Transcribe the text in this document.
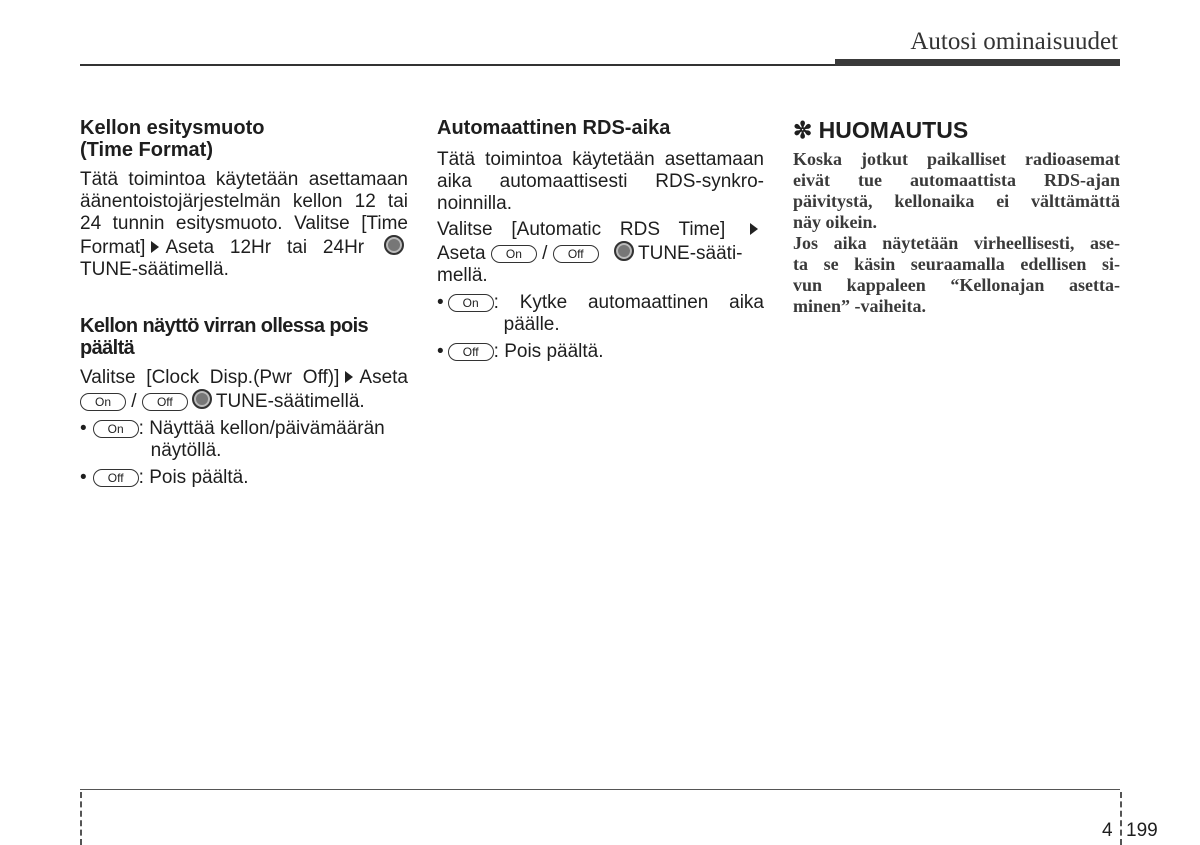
Autosi ominaisuudet
Kellon esitysmuoto
(Time Format)

Tätä toimintoa käytetään asettamaan

äänentoistojärjestelmän kellon 12 tai

24 tunnin esitysmuoto. Valitse [Time

Format] Aseta 12Hr tai 24Hr

TUNE-säätimellä.

Kellon näyttö virran ollessa pois
päältä

Valitse [Clock Disp.(Pwr Off)] Aseta

On / Off TUNE-säätimellä.

•	On : Näyttää kellon/päivämäärän
näytöllä.
•	Off : Pois päältä.
Automaattinen RDS-aika

Tätä toimintoa käytetään asettamaan

aika automaattisesti RDS-synkro-

noinnilla.

Valitse [Automatic RDS Time]

Aseta On / Off	TUNE-sääti-

mellä.

•	On : Kytke automaattinen aika
päälle.
•	Off : Pois päältä.
✼ HUOMAUTUS
Koska jotkut paikalliset radioasemat
eivät tue automaattista RDS-ajan
päivitystä, kellonaika ei välttämättä
näy oikein.
Jos aika näytetään virheellisesti, ase-
ta se käsin seuraamalla edellisen si-
vun kappaleen “Kellonajan asetta-
minen” -vaiheita.
4 199
